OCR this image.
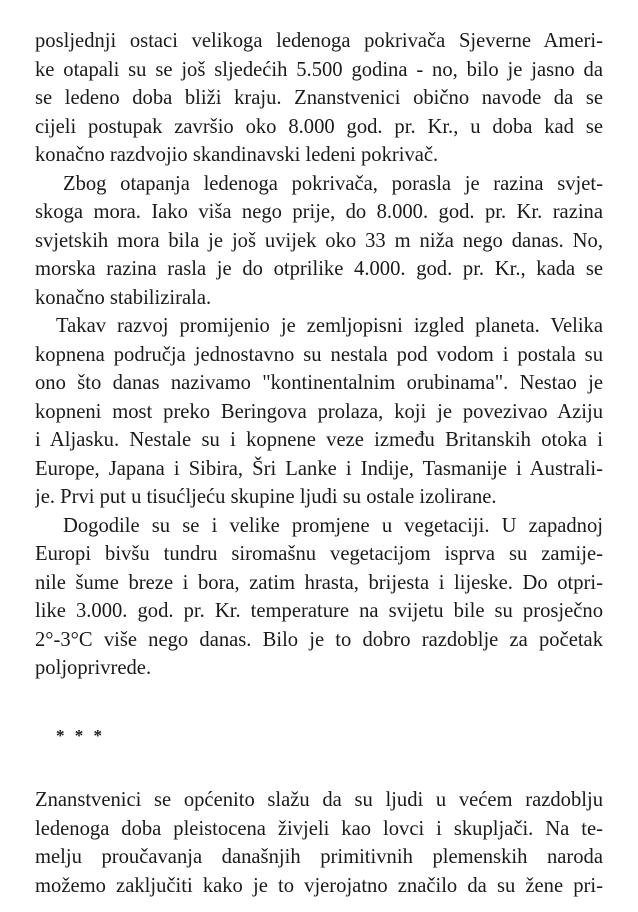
posljednji ostaci velikoga ledenoga pokrivača Sjeverne Ameri-
ke otapali su se još sljedećih 5.500 godina - no, bilo je jasno da
se ledeno doba bliži kraju. Znanstvenici obično navode da se
cijeli postupak završio oko 8.000 god. pr. Kr., u doba kad se
konačno razdvojio skandinavski ledeni pokrivač.
Zbog otapanja ledenoga pokrivača, porasla je razina svjet-
skoga mora. Iako viša nego prije, do 8.000. god. pr. Kr. razina
svjetskih mora bila je još uvijek oko 33 m niža nego danas. No,
morska razina rasla je do otprilike 4.000. god. pr. Kr., kada se
konačno stabilizirala.
Takav razvoj promijenio je zemljopisni izgled planeta. Velika
kopnena područja jednostavno su nestala pod vodom i postala su
ono što danas nazivamo "kontinentalnim orubinama". Nestao je
kopneni most preko Beringova prolaza, koji je povezivao Aziju
i Aljasku. Nestale su i kopnene veze između Britanskih otoka i
Europe, Japana i Sibira, Šri Lanke i Indije, Tasmanije i Australi-
je. Prvi put u tisućljeću skupine ljudi su ostale izolirane.
Dogodile su se i velike promjene u vegetaciji. U zapadnoj
Europi bivšu tundru siromašnu vegetacijom isprva su zamije-
nile šume breze i bora, zatim hrasta, brijesta i lijeske. Do otpri-
like 3.000. god. pr. Kr. temperature na svijetu bile su prosječno
2°-3°C više nego danas. Bilo je to dobro razdoblje za početak
poljoprivrede.
* * *
Znanstvenici se općenito slažu da su ljudi u većem razdoblju
ledenoga doba pleistocena živjeli kao lovci i skupljači. Na te-
melju proučavanja današnjih primitivnih plemenskih naroda
možemo zaključiti kako je to vjerojatno značilo da su žene pri-
